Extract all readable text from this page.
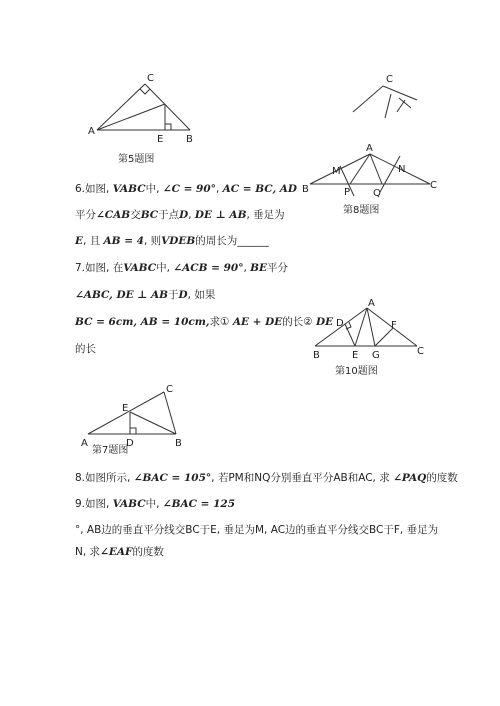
A
B
C
E
第5题图
C
A
B	C
M	N
P Q
第8题图
6.如图, VABC中, ∠C = 90°, AC = BC, AD
平分∠CAB交BC于点D, DE ⊥ AB, 垂足为
E, 且 AB = 4, 则VDEB的周长为______
7.如图, 在VABC中, ∠ACB = 90°, BE平分
∠ABC, DE ⊥ AB于D, 如果
BC = 6cm, AB = 10cm,求① AE + DE的长② DE
的长
A
B	C
D
E
F
G
第10题图
A	B
C
D
E
第7题图
8.如图所示, ∠BAC = 105°, 若PM和NQ分别垂直平分AB和AC, 求 ∠PAQ的度数
9.如图, VABC中, ∠BAC = 125
°, AB边的垂直平分线交BC于E, 垂足为M, AC边的垂直平分线交BC于F, 垂足为
N, 求∠EAF的度数
